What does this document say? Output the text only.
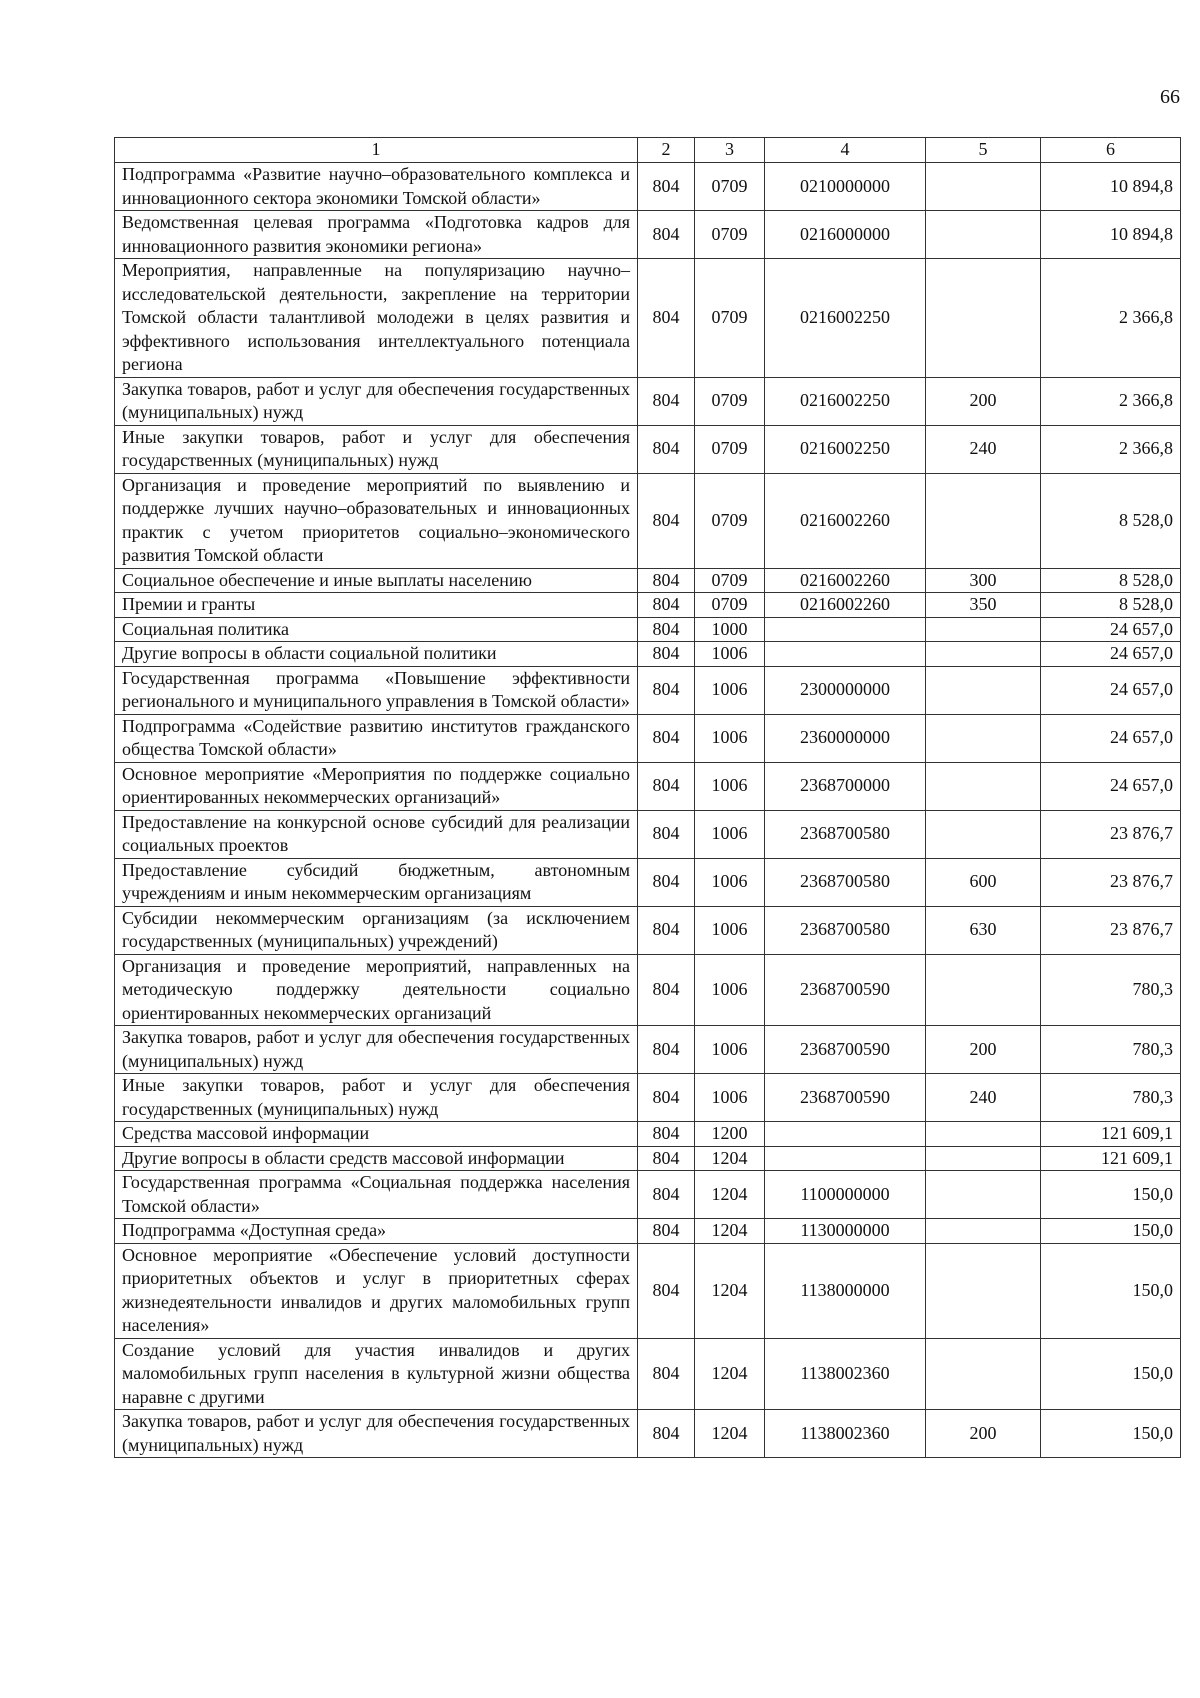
66
1	2	3	4	5	6
Подпрограмма «Развитие научно–образовательного комплекса и инновационного сектора экономики Томской области»	804	0709	0210000000		10 894,8
Ведомственная целевая программа «Подготовка кадров для инновационного развития экономики региона»	804	0709	0216000000		10 894,8
Мероприятия, направленные на популяризацию научно–исследовательской деятельности, закрепление на территории Томской области талантливой молодежи в целях развития и эффективного использования интеллектуального потенциала региона	804	0709	0216002250		2 366,8
Закупка товаров, работ и услуг для обеспечения государственных (муниципальных) нужд	804	0709	0216002250	200	2 366,8
Иные закупки товаров, работ и услуг для обеспечения государственных (муниципальных) нужд	804	0709	0216002250	240	2 366,8
Организация и проведение мероприятий по выявлению и поддержке лучших научно–образовательных и инновационных практик с учетом приоритетов социально–экономического развития Томской области	804	0709	0216002260		8 528,0
Социальное обеспечение и иные выплаты населению	804	0709	0216002260	300	8 528,0
Премии и гранты	804	0709	0216002260	350	8 528,0
Социальная политика	804	1000			24 657,0
Другие вопросы в области социальной политики	804	1006			24 657,0
Государственная программа «Повышение эффективности регионального и муниципального управления в Томской области»	804	1006	2300000000		24 657,0
Подпрограмма «Содействие развитию институтов гражданского общества Томской области»	804	1006	2360000000		24 657,0
Основное мероприятие «Мероприятия по поддержке социально ориентированных некоммерческих организаций»	804	1006	2368700000		24 657,0
Предоставление на конкурсной основе субсидий для реализации социальных проектов	804	1006	2368700580		23 876,7
Предоставление субсидий бюджетным, автономным учреждениям и иным некоммерческим организациям	804	1006	2368700580	600	23 876,7
Субсидии некоммерческим организациям (за исключением государственных (муниципальных) учреждений)	804	1006	2368700580	630	23 876,7
Организация и проведение мероприятий, направленных на методическую поддержку деятельности социально ориентированных некоммерческих организаций	804	1006	2368700590		780,3
Закупка товаров, работ и услуг для обеспечения государственных (муниципальных) нужд	804	1006	2368700590	200	780,3
Иные закупки товаров, работ и услуг для обеспечения государственных (муниципальных) нужд	804	1006	2368700590	240	780,3
Средства массовой информации	804	1200			121 609,1
Другие вопросы в области средств массовой информации	804	1204			121 609,1
Государственная программа «Социальная поддержка населения Томской области»	804	1204	1100000000		150,0
Подпрограмма «Доступная среда»	804	1204	1130000000		150,0
Основное мероприятие «Обеспечение условий доступности приоритетных объектов и услуг в приоритетных сферах жизнедеятельности инвалидов и других маломобильных групп населения»	804	1204	1138000000		150,0
Создание условий для участия инвалидов и других маломобильных групп населения в культурной жизни общества наравне с другими	804	1204	1138002360		150,0
Закупка товаров, работ и услуг для обеспечения государственных (муниципальных) нужд	804	1204	1138002360	200	150,0
